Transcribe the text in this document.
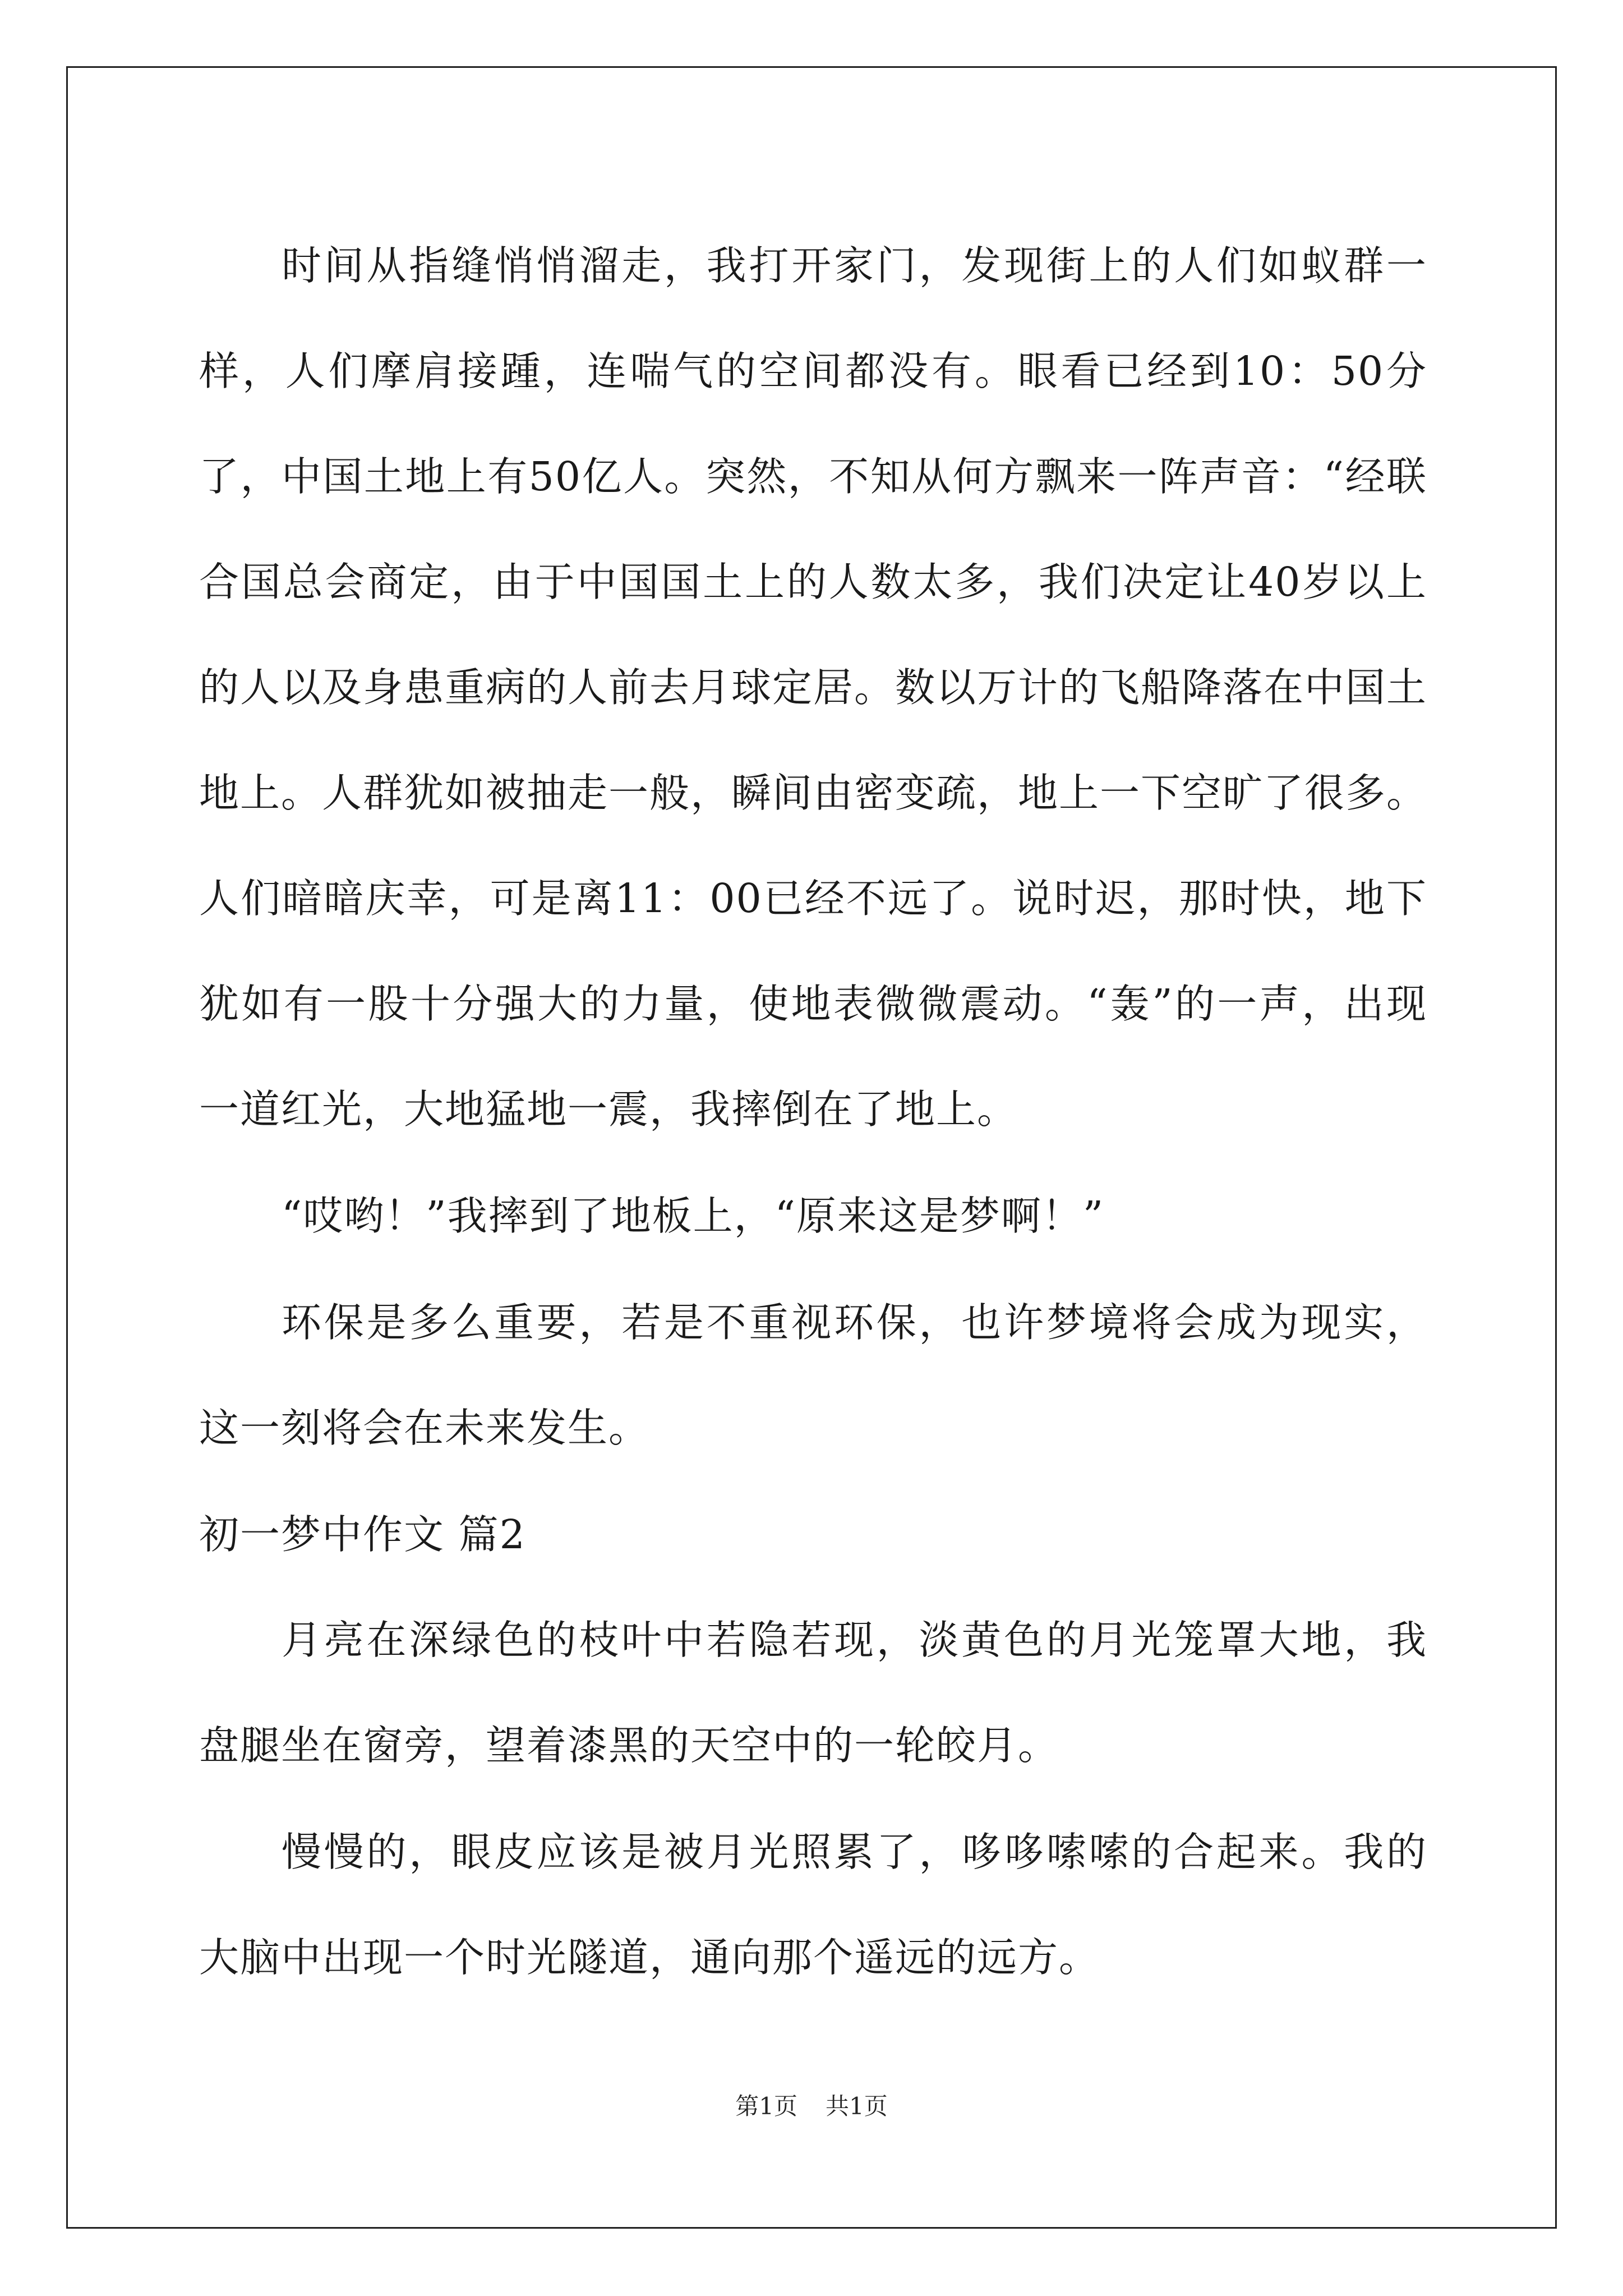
时间从指缝悄悄溜走，我打开家门，发现街上的人们如蚁群一样，人们摩肩接踵，连喘气的空间都没有。眼看已经到10：50分了，中国土地上有50亿人。突然，不知从何方飘来一阵声音：“经联合国总会商定，由于中国国土上的人数太多，我们决定让40岁以上的人以及身患重病的人前去月球定居。数以万计的飞船降落在中国土地上。人群犹如被抽走一般，瞬间由密变疏，地上一下空旷了很多。人们暗暗庆幸，可是离11：00已经不远了。说时迟，那时快，地下犹如有一股十分强大的力量，使地表微微震动。“轰”的一声，出现一道红光，大地猛地一震，我摔倒在了地上。

“哎哟！”我摔到了地板上，“原来这是梦啊！”

环保是多么重要，若是不重视环保，也许梦境将会成为现实，这一刻将会在未来发生。

初一梦中作文 篇2

月亮在深绿色的枝叶中若隐若现，淡黄色的月光笼罩大地，我盘腿坐在窗旁，望着漆黑的天空中的一轮皎月。

慢慢的，眼皮应该是被月光照累了，哆哆嗦嗦的合起来。我的大脑中出现一个时光隧道，通向那个遥远的远方。

第1页 共1页
